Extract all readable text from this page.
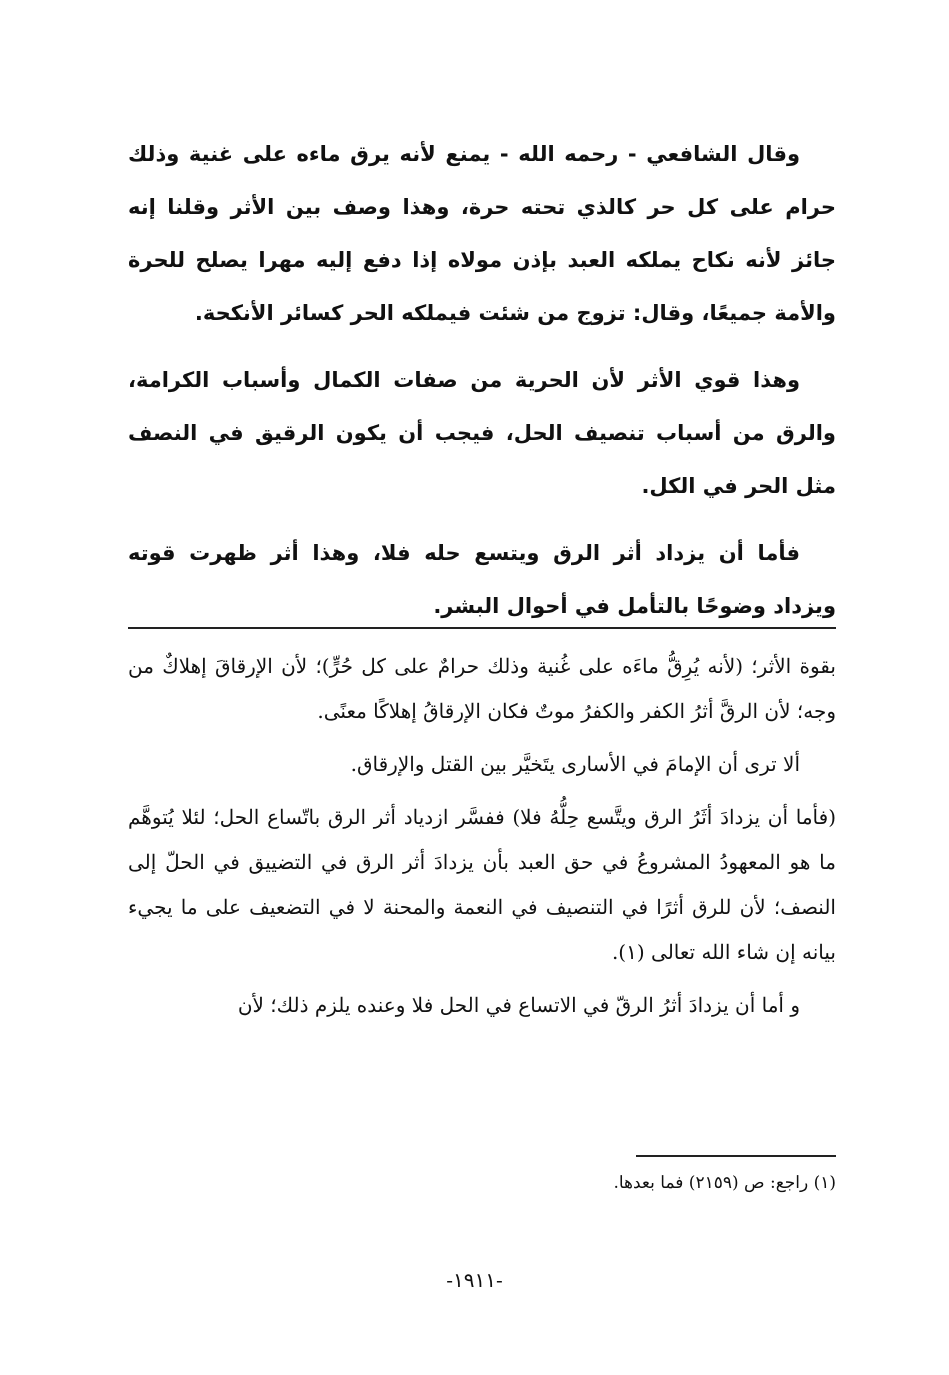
وقال الشافعي - رحمه الله - يمنع لأنه يرق ماءه على غنية وذلك حرام على كل حر كالذي تحته حرة، وهذا وصف بين الأثر وقلنا إنه جائز لأنه نكاح يملكه العبد بإذن مولاه إذا دفع إليه مهرا يصلح للحرة والأمة جميعًا، وقال: تزوج من شئت فيملكه الحر كسائر الأنكحة.

وهذا قوي الأثر لأن الحرية من صفات الكمال وأسباب الكرامة، والرق من أسباب تنصيف الحل، فيجب أن يكون الرقيق في النصف مثل الحر في الكل.

فأما أن يزداد أثر الرق ويتسع حله فلا، وهذا أثر ظهرت قوته ويزداد وضوحًا بالتأمل في أحوال البشر.

بقوة الأثر؛ (لأنه يُرِقُّ ماءَه على غُنية وذلك حرامٌ على كل حُرٍّ)؛ لأن الإرقاقَ إهلاكٌ من وجه؛ لأن الرقَّ أثرُ الكفر والكفرُ موتٌ فكان الإرقاقُ إهلاكًا معنًى.

ألا ترى أن الإمامَ في الأسارى يتَخيَّر بين القتل والإرقاق.

(فأما أن يزدادَ أثَرُ الرق ويتَّسع حِلُّهُ فلا) ففسَّر ازدياد أثر الرق باتّساع الحل؛ لئلا يُتوهَّم ما هو المعهودُ المشروعُ في حق العبد بأن يزدادَ أثر الرق في التضييق في الحلّ إلى النصف؛ لأن للرق أثرًا في التنصيف في النعمة والمحنة لا في التضعيف على ما يجيء بيانه إن شاء الله تعالى (١).

و أما أن يزدادَ أثرُ الرقّ في الاتساع في الحل فلا وعنده يلزم ذلك؛ لأن

(١) راجع: ص (٢١٥٩) فما بعدها.
-١٩١١-
